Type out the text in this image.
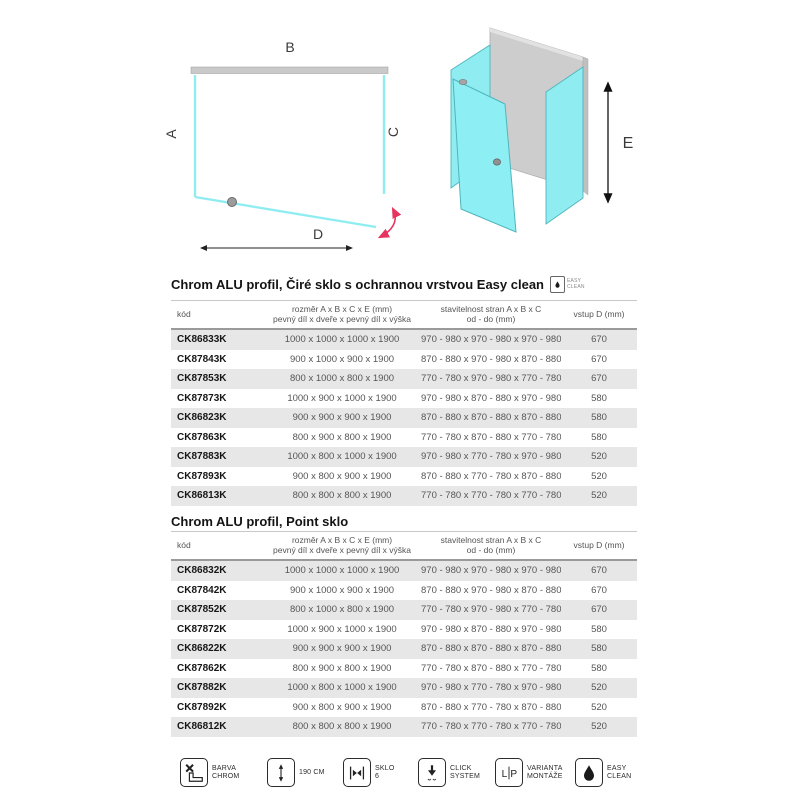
B
A	C
D
E
Chrom ALU profil, Čiré sklo s ochrannou vrstvou Easy clean	EASY
CLEAN
kód	rozměr A x B x C x E (mm)
pevný díl x dveře x pevný díl x výška

stavitelnost stran A x B x C
od - do (mm)	vstup D (mm)
CK86833K	1000 x 1000 x 1000 x 1900	970 - 980 x 970 - 980 x 970 - 980	670
CK87843K	900 x 1000 x 900 x 1900	870 - 880 x 970 - 980 x 870 - 880	670
CK87853K	800 x 1000 x 800 x 1900	770 - 780 x 970 - 980 x 770 - 780	670
CK87873K	1000 x 900 x 1000 x 1900	970 - 980 x 870 - 880 x 970 - 980	580
CK86823K	900 x 900 x 900 x 1900	870 - 880 x 870 - 880 x 870 - 880	580
CK87863K	800 x 900 x 800 x 1900	770 - 780 x 870 - 880 x 770 - 780	580
CK87883K	1000 x 800 x 1000 x 1900	970 - 980 x 770 - 780 x 970 - 980	520
CK87893K	900 x 800 x 900 x 1900	870 - 880 x 770 - 780 x 870 - 880	520
CK86813K	800 x 800 x 800 x 1900	770 - 780 x 770 - 780 x 770 - 780	520
Chrom ALU profil, Point sklo
kód	rozměr A x B x C x E (mm)
pevný díl x dveře x pevný díl x výška

stavitelnost stran A x B x C
od - do (mm)	vstup D (mm)
CK86832K	1000 x 1000 x 1000 x 1900	970 - 980 x 970 - 980 x 970 - 980	670
CK87842K	900 x 1000 x 900 x 1900	870 - 880 x 970 - 980 x 870 - 880	670
CK87852K	800 x 1000 x 800 x 1900	770 - 780 x 970 - 980 x 770 - 780	670
CK87872K	1000 x 900 x 1000 x 1900	970 - 980 x 870 - 880 x 970 - 980	580
CK86822K	900 x 900 x 900 x 1900	870 - 880 x 870 - 880 x 870 - 880	580
CK87862K	800 x 900 x 800 x 1900	770 - 780 x 870 - 880 x 770 - 780	580
CK87882K	1000 x 800 x 1000 x 1900	970 - 980 x 770 - 780 x 970 - 980	520
CK87892K	900 x 800 x 900 x 1900	870 - 880 x 770 - 780 x 870 - 880	520
CK86812K	800 x 800 x 800 x 1900	770 - 780 x 770 - 780 x 770 - 780	520
BARVA
CHROM
190 CM
SKLO
6
CLICK
SYSTEM L P
VARIANTA
MONTÁŽE
EASY
CLEAN
